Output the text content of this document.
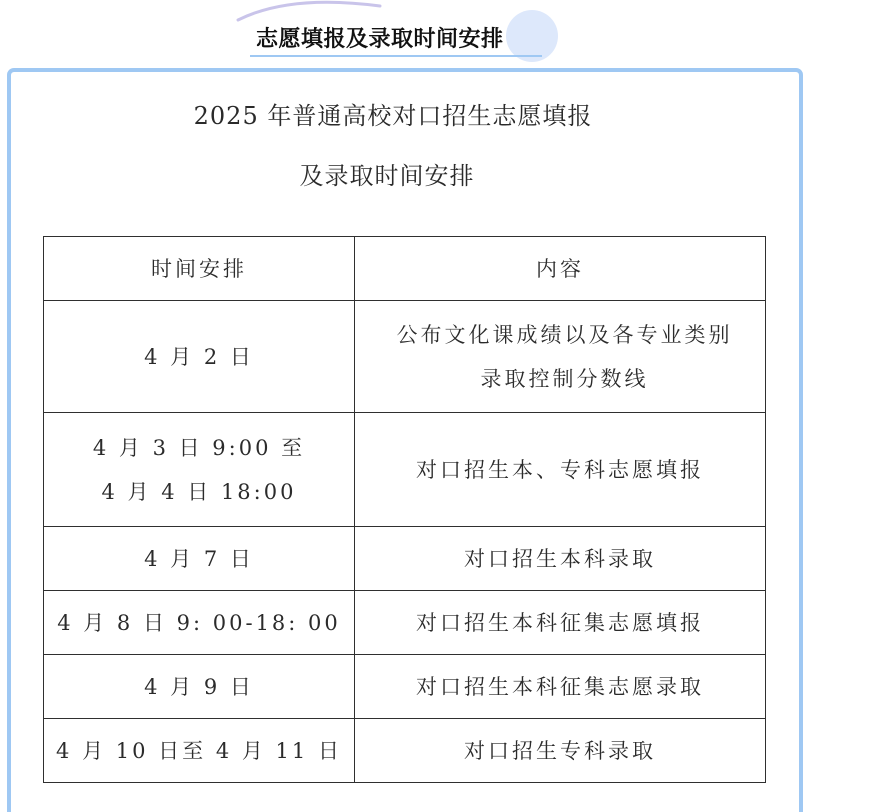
志愿填报及录取时间安排
2025 年普通高校对口招生志愿填报
及录取时间安排
时间安排	内容

4 月 2 日	公布文化课成绩以及各专业类别
录取控制分数线

4 月 3 日 9:00 至
4 月 4 日 18:00	对口招生本、专科志愿填报

4 月 7 日	对口招生本科录取

4 月 8 日 9: 00-18: 00	对口招生本科征集志愿填报

4 月 9 日	对口招生本科征集志愿录取

4 月 10 日至 4 月 11 日	对口招生专科录取
